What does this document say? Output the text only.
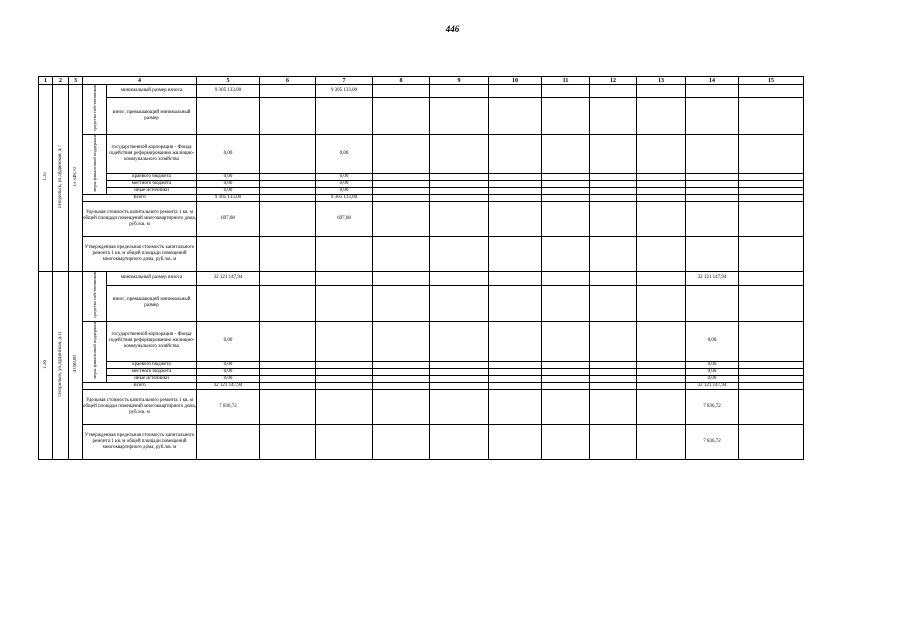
446
1	2	3	4		5	6	7	8	9	10	11	12	13	14	15
1.35	г.Норильск, ул.Дудинская, д.7	13 348,70	средства собственников	минимальный размер взноса	9 305 133,00		9 305 133,00								
				взнос, превышающий минимальный размер											
			меры финансовой поддержки	государственной корпорации - Фонда содействия реформированию жилищно-коммунального хозяйства	0,00		0,00								
				краевого бюджета	0,00		0,00								
				местного бюджета	0,00		0,00								
				иные источники	0,00		0,00								
			Всего		9 305 133,00		9 305 133,00								
			Удельная стоимость капитального ремонта 1 кв. м общей площади помещений многоквартирного дома, руб./кв. м		697,08		697,08								
			Утвержденная предельная стоимость капитального ремонта 1 кв. м общей площади помещений многоквартирного дома, руб./кв. м												
1.36	г.Норильск, ул.Дудинская, д.11	4 098,80	средства собственников	минимальный размер взноса	32 121 147,94									32 121 147,94	
				взнос, превышающий минимальный размер											
			меры финансовой поддержки	государственной корпорации - Фонда содействия реформированию жилищно-коммунального хозяйства	0,00									0,00	
				краевого бюджета	0,00									0,00	
				местного бюджета	0,00									0,00	
				иные источники	0,00									0,00	
			Всего		32 121 147,94									32 121 147,94	
			Удельная стоимость капитального ремонта 1 кв. м общей площади помещений многоквартирного дома, руб./кв. м		7 836,72									7 836,72	
			Утвержденная предельная стоимость капитального ремонта 1 кв. м общей площади помещений многоквартирного дома, руб./кв. м											7 836,72	
